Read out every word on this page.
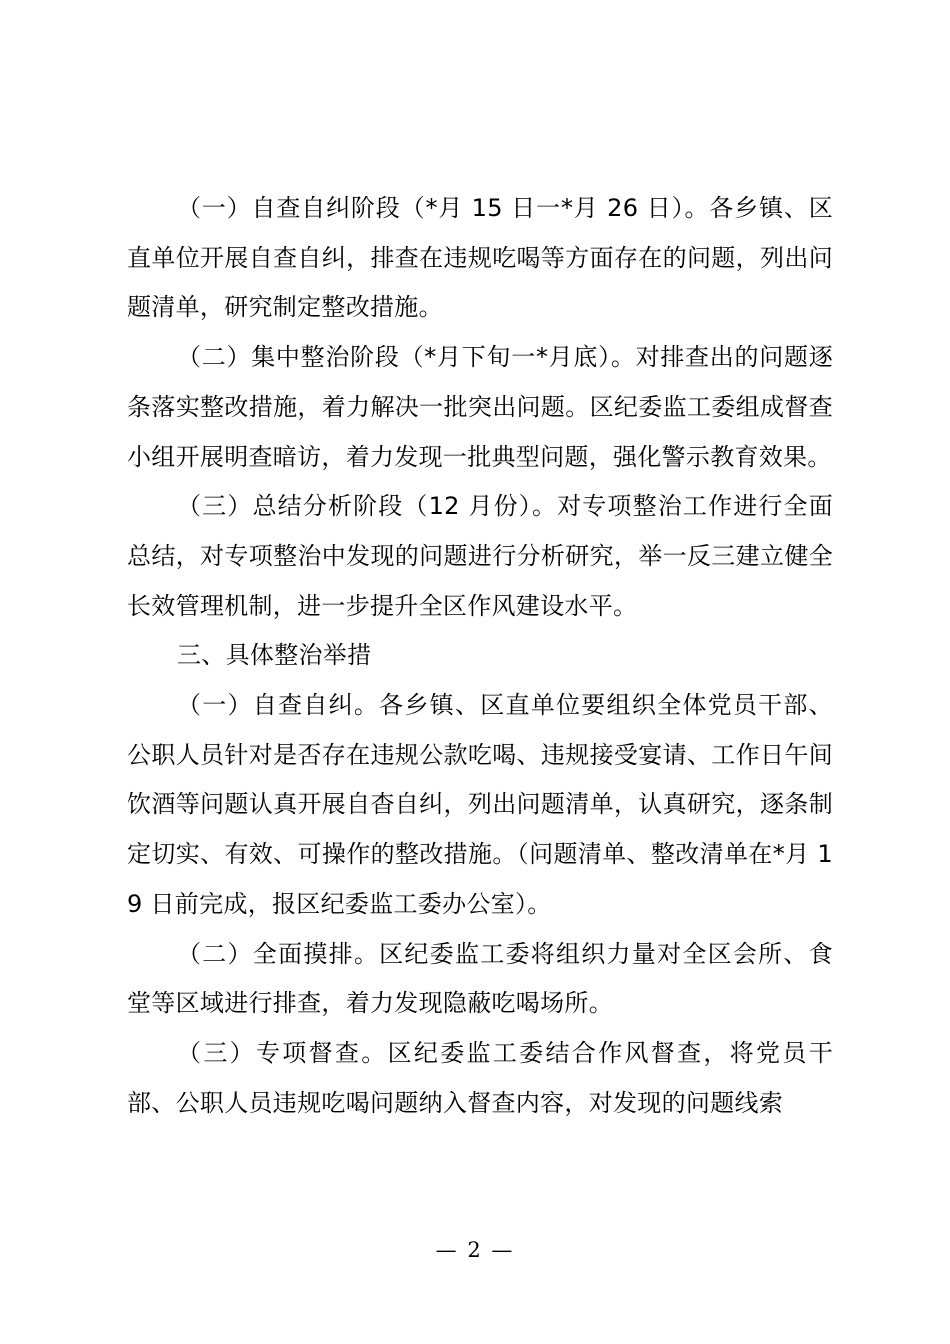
（一）自查自纠阶段（*月 15 日一*月 26 日）。各乡镇、区直单位开展自查自纠，排查在违规吃喝等方面存在的问题，列出问题清单，研究制定整改措施。

（二）集中整治阶段（*月下旬一*月底）。对排查出的问题逐条落实整改措施，着力解决一批突出问题。区纪委监工委组成督查小组开展明查暗访，着力发现一批典型问题，强化警示教育效果。

（三）总结分析阶段（12 月份）。对专项整治工作进行全面总结，对专项整治中发现的问题进行分析研究，举一反三建立健全长效管理机制，进一步提升全区作风建设水平。

三、具体整治举措

（一）自查自纠。各乡镇、区直单位要组织全体党员干部、公职人员针对是否存在违规公款吃喝、违规接受宴请、工作日午间饮酒等问题认真开展自杳自纠，列出问题清单，认真研究，逐条制定切实、有效、可操作的整改措施。（问题清单、整改清单在*月 19 日前完成，报区纪委监工委办公室）。

（二）全面摸排。区纪委监工委将组织力量对全区会所、食堂等区域进行排查，着力发现隐蔽吃喝场所。

（三）专项督查。区纪委监工委结合作风督查，将党员干部、公职人员违规吃喝问题纳入督查内容，对发现的问题线索

— 2 —
